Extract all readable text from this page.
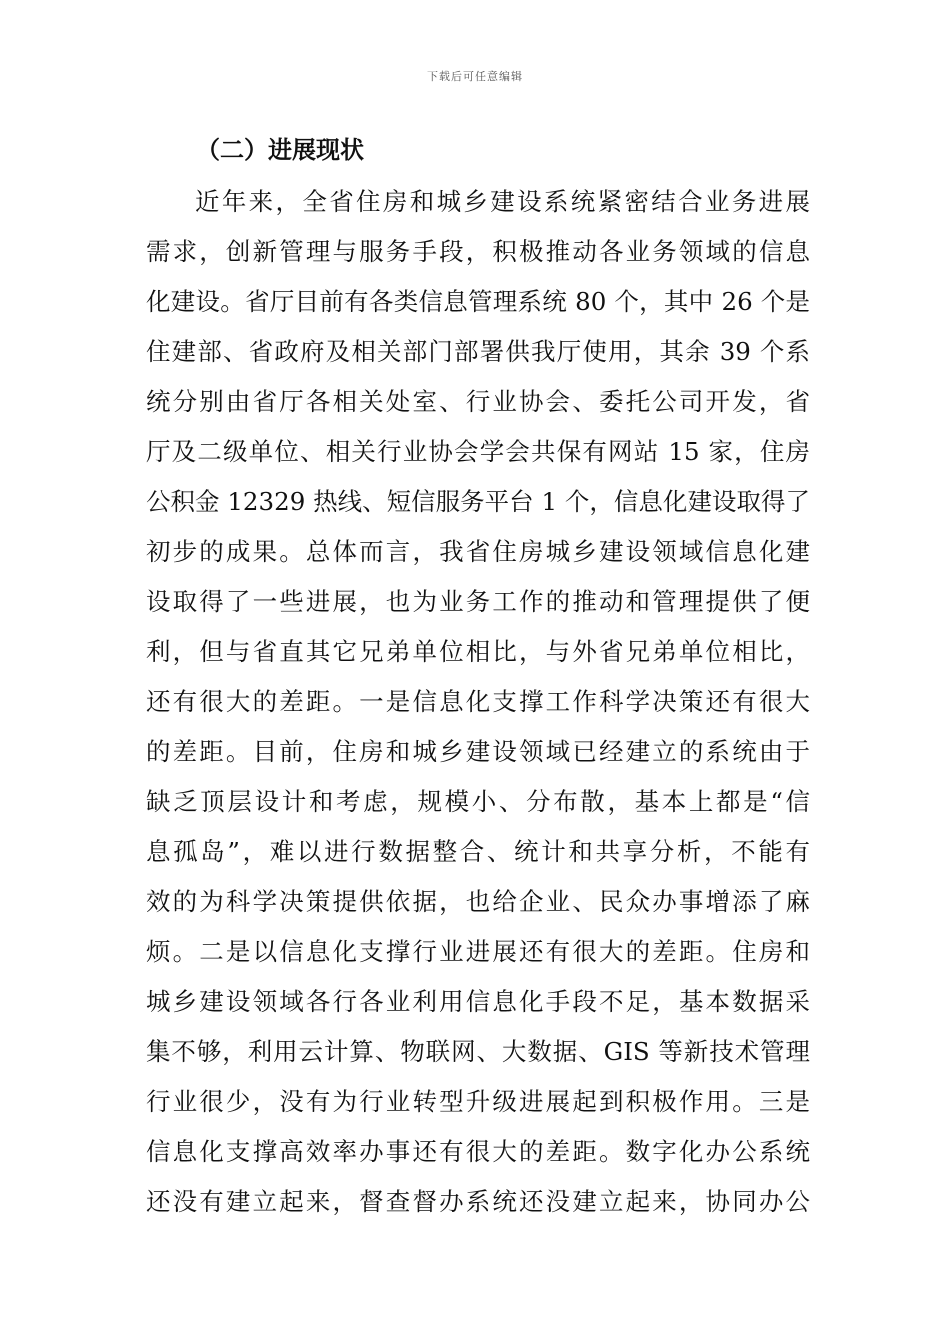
下载后可任意编辑
（二）进展现状
近年来，全省住房和城乡建设系统紧密结合业务进展
需求，创新管理与服务手段，积极推动各业务领域的信息
化建设。省厅目前有各类信息管理系统 80 个，其中 26 个是
住建部、省政府及相关部门部署供我厅使用，其余 39 个系
统分别由省厅各相关处室、行业协会、委托公司开发，省
厅及二级单位、相关行业协会学会共保有网站 15 家，住房
公积金 12329 热线、短信服务平台 1 个，信息化建设取得了
初步的成果。总体而言，我省住房城乡建设领域信息化建
设取得了一些进展，也为业务工作的推动和管理提供了便
利，但与省直其它兄弟单位相比，与外省兄弟单位相比，
还有很大的差距。一是信息化支撑工作科学决策还有很大
的差距。目前，住房和城乡建设领域已经建立的系统由于
缺乏顶层设计和考虑，规模小、分布散，基本上都是“信
息孤岛”，难以进行数据整合、统计和共享分析，不能有
效的为科学决策提供依据，也给企业、民众办事增添了麻
烦。二是以信息化支撑行业进展还有很大的差距。住房和
城乡建设领域各行各业利用信息化手段不足，基本数据采
集不够，利用云计算、物联网、大数据、GIS 等新技术管理
行业很少，没有为行业转型升级进展起到积极作用。三是
信息化支撑高效率办事还有很大的差距。数字化办公系统
还没有建立起来，督查督办系统还没建立起来，协同办公
